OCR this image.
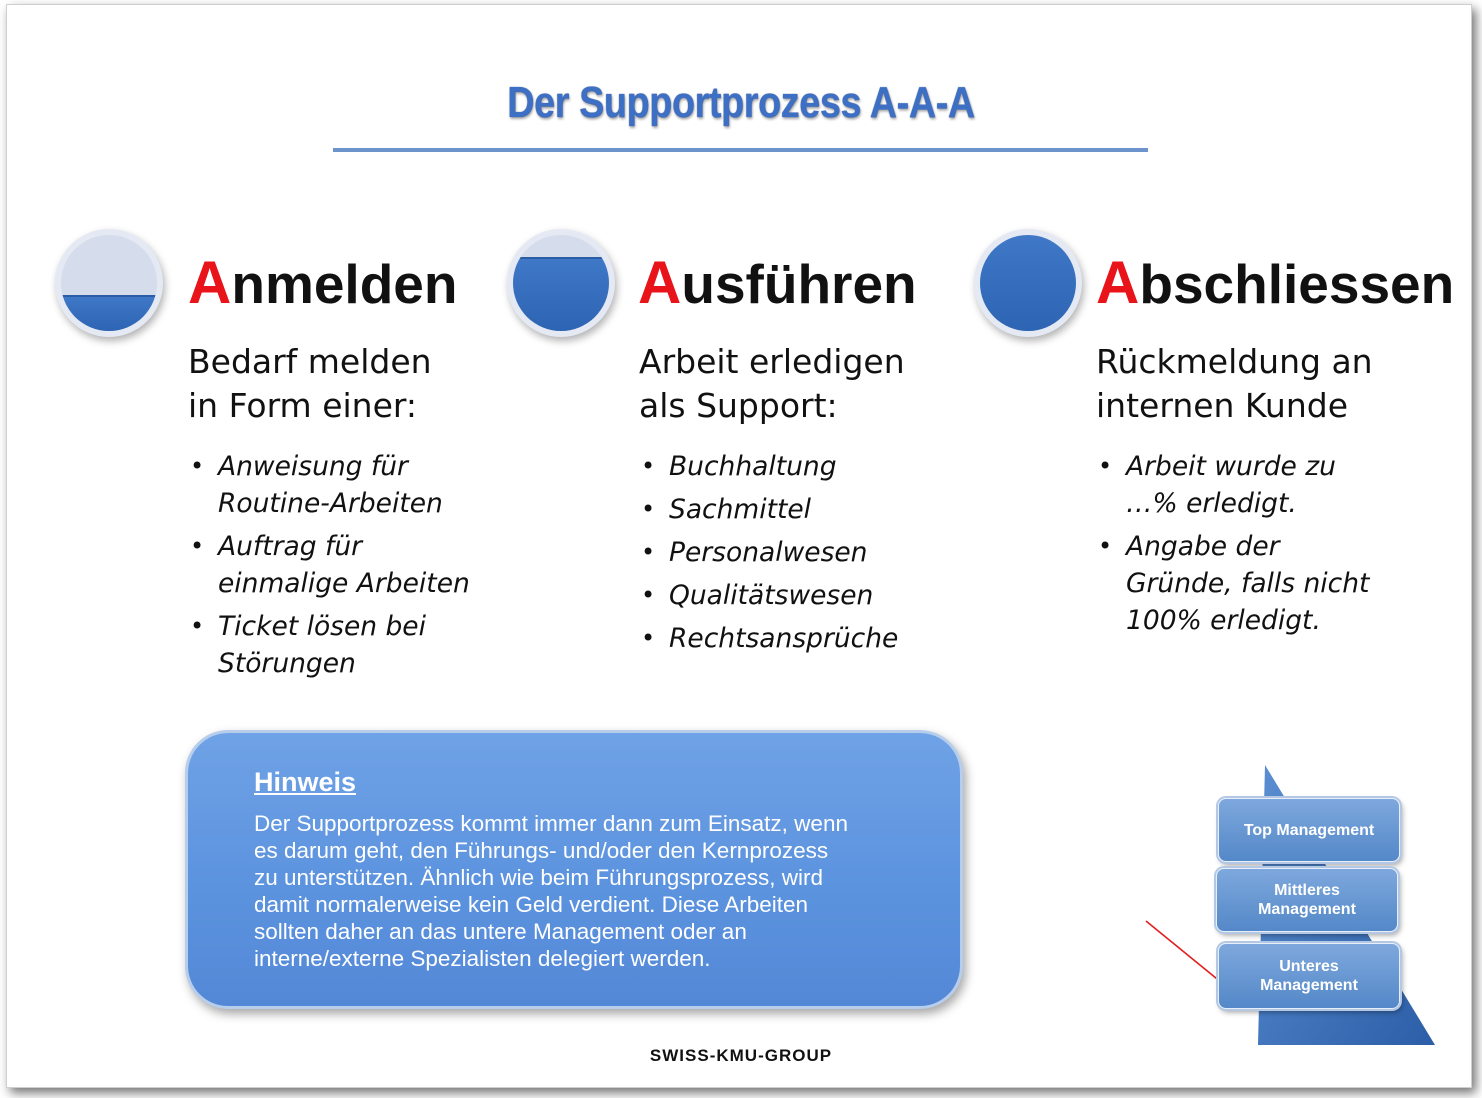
Der Supportprozess A-A-A
Anmelden
Bedarf melden
in Form einer:
• Anweisung für
Routine-Arbeiten
• Auftrag für
einmalige Arbeiten
• Ticket lösen bei
Störungen
Ausführen
Arbeit erledigen
als Support:
• Buchhaltung
• Sachmittel
• Personalwesen
• Qualitätswesen
• Rechtsansprüche
Abschliessen
Rückmeldung an
internen Kunde
• Arbeit wurde zu
…% erledigt.
• Angabe der
Gründe, falls nicht
100% erledigt.
Hinweis
Der Supportprozess kommt immer dann zum Einsatz, wenn
es darum geht, den Führungs- und/oder den Kernprozess
zu unterstützen. Ähnlich wie beim Führungsprozess, wird
damit normalerweise kein Geld verdient. Diese Arbeiten
sollten daher an das untere Management oder an
interne/externe Spezialisten delegiert werden.
Top Management
Mittleres
Management
Unteres
Management
SWISS-KMU-GROUP
